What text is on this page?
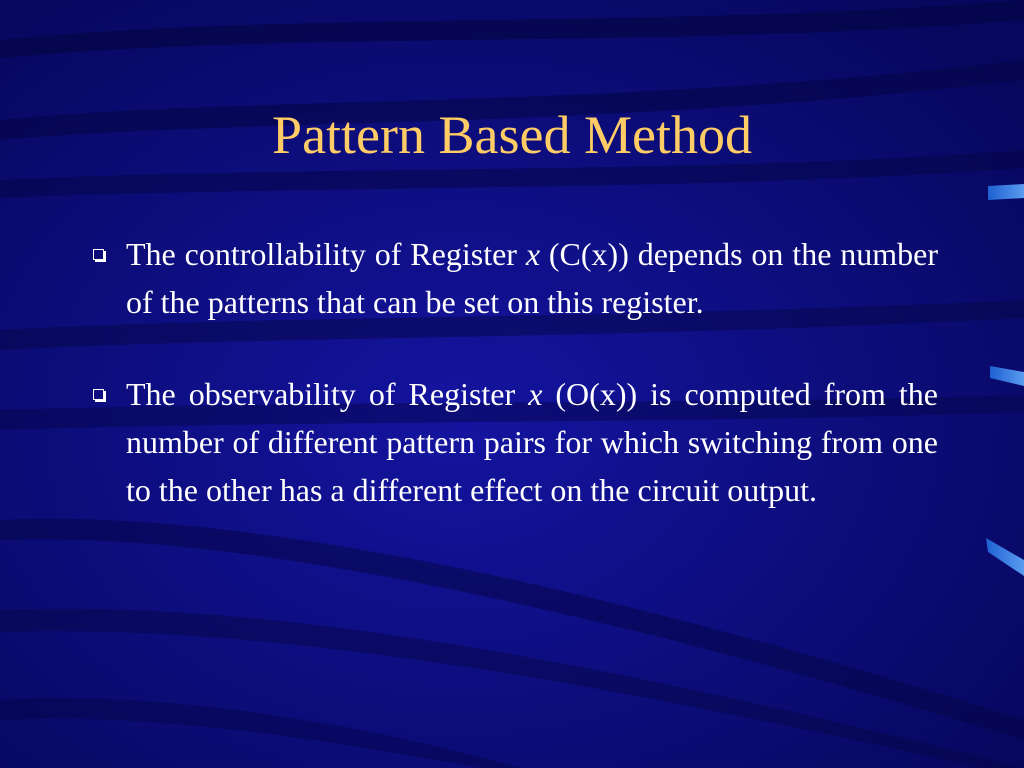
Pattern Based Method
The controllability of Register x (C(x)) depends on the number of the patterns that can be set on this register.
The observability of Register x (O(x)) is computed from the number of different pattern pairs for which switching from one to the other has a different effect on the circuit output.
